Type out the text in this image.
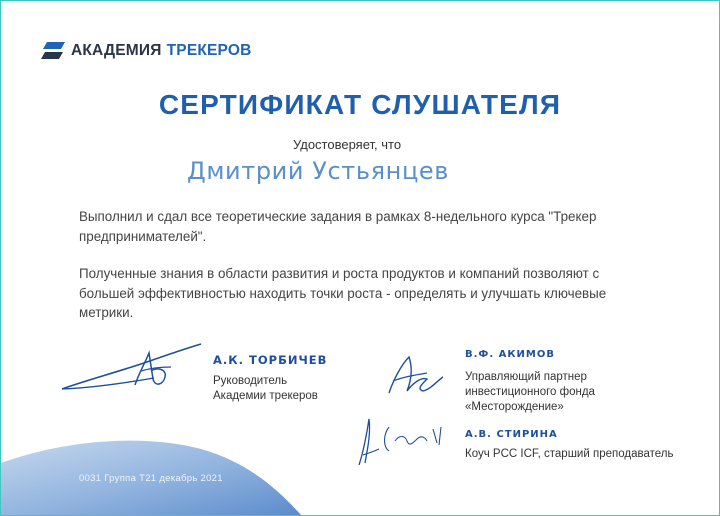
АКАДЕМИЯ ТРЕКЕРОВ
СЕРТИФИКАТ СЛУШАТЕЛЯ
Удостоверяет, что
Дмитрий Устьянцев
Выполнил и сдал все теоретические задания в рамках 8-недельного курса "Трекер предпринимателей".
Полученные знания в области развития и роста продуктов и компаний позволяют с большей эффективностью находить точки роста - определять и улучшать ключевые метрики.
А.К. ТОРБИЧЕВ
Руководитель
Академии трекеров
В.Ф. АКИМОВ
Управляющий партнер
инвестиционного фонда
«Месторождение»
А.В. СТИРИНА
Коуч PCC ICF, старший преподаватель
0031 Группа Т21 декабрь 2021
